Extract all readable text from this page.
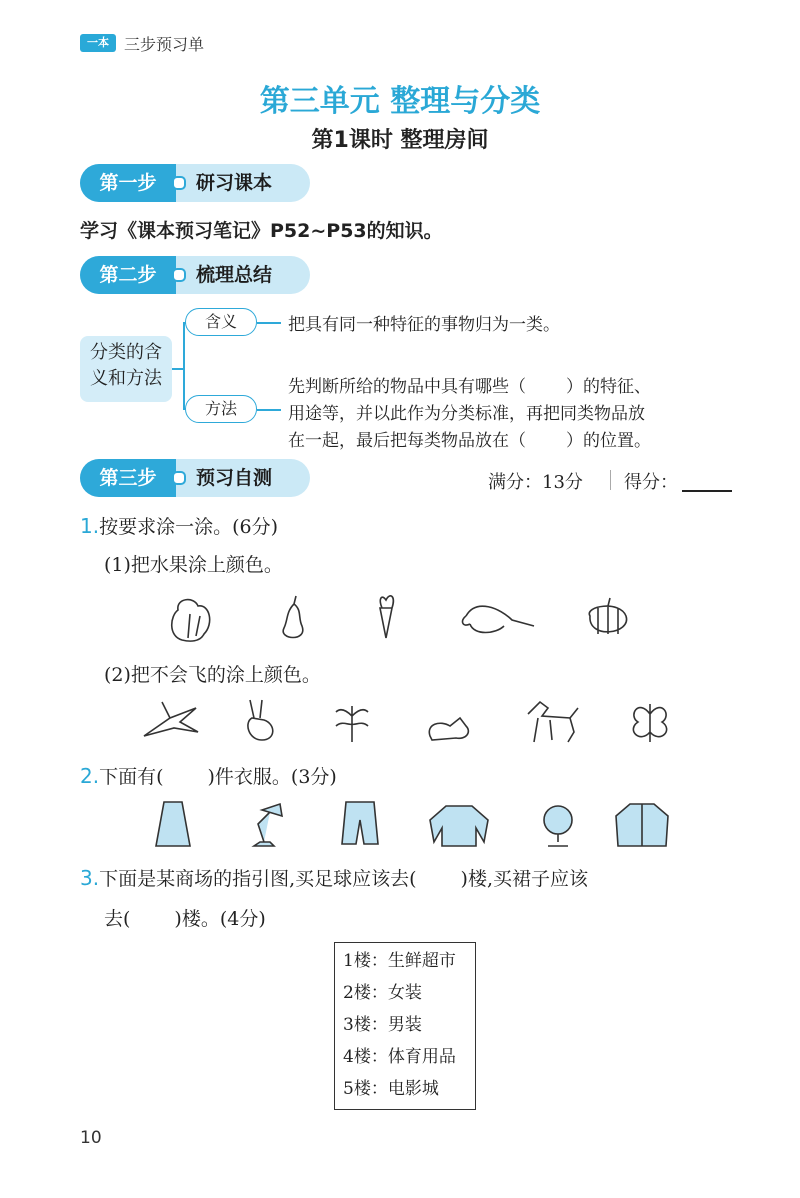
一本 三步预习单
第三单元 整理与分类
第1课时 整理房间
第一步	研习课本
学习《课本预习笔记》P52~P53的知识。
第二步	梳理总结
分类的含
义和方法
含义	把具有同一种特征的事物归为一类。
方法
先判断所给的物品中具有哪些（ ）的特征、
用途等，并以此作为分类标准，再把同类物品放
在一起，最后把每类物品放在（ ）的位置。
第三步	预习自测	满分：13分 得分：
1.按要求涂一涂。(6分)
(1)把水果涂上颜色。
(2)把不会飞的涂上颜色。
2.下面有( )件衣服。(3分)
3.下面是某商场的指引图,买足球应该去( )楼,买裙子应该
去( )楼。(4分)
1楼：生鲜超市
2楼：女装
3楼：男装
4楼：体育用品
5楼：电影城
10
